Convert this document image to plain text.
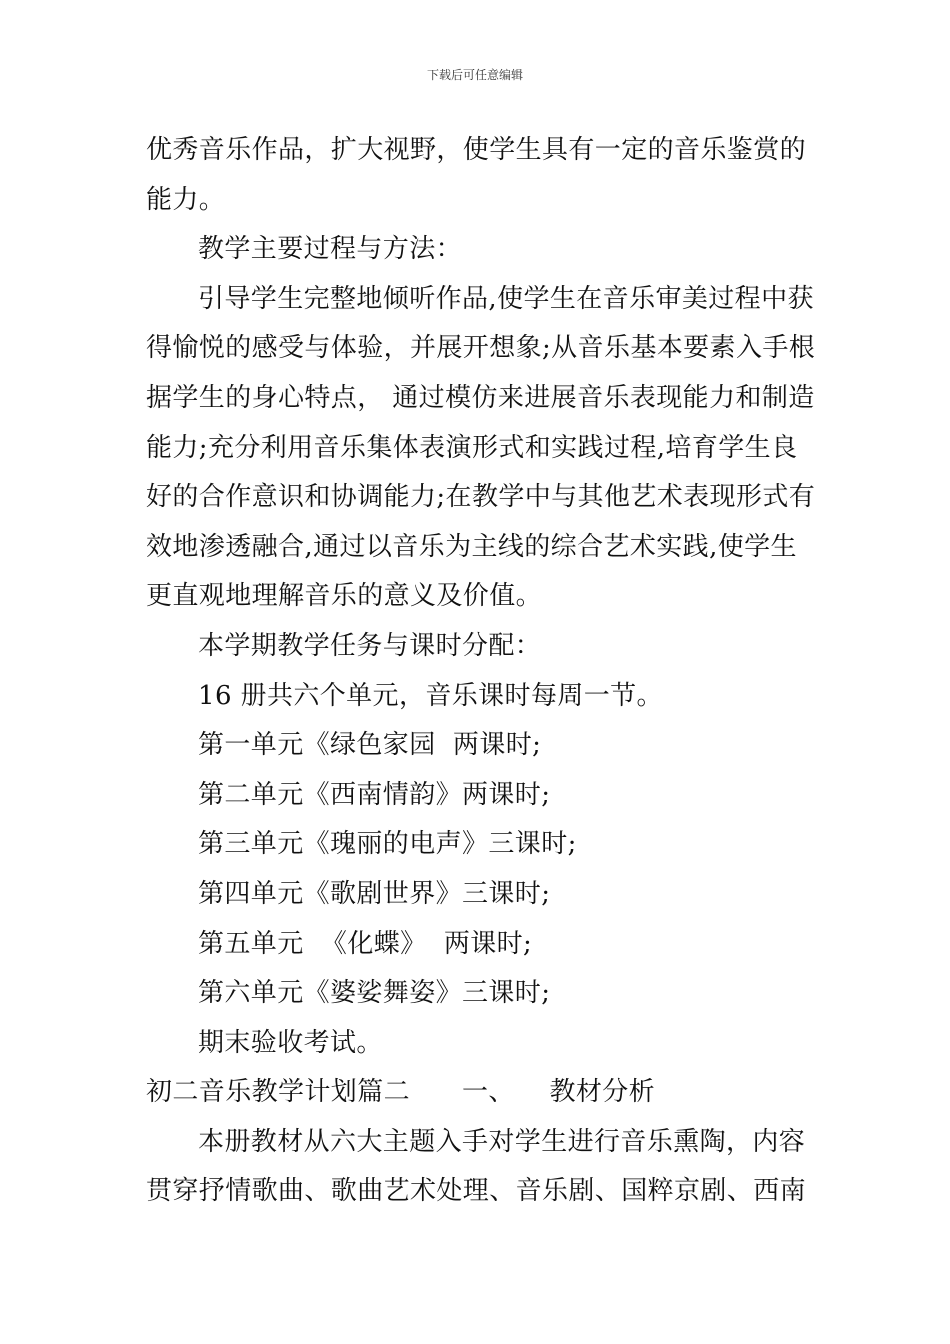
下载后可任意编辑
优秀音乐作品，扩大视野，使学生具有一定的音乐鉴赏的
能力。
教学主要过程与方法：
引导学生完整地倾听作品,使学生在音乐审美过程中获
得愉悦的感受与体验，并展开想象;从音乐基本要素入手根
据学生的身心特点， 通过模仿来进展音乐表现能力和制造
能力;充分利用音乐集体表演形式和实践过程,培育学生良
好的合作意识和协调能力;在教学中与其他艺术表现形式有
效地渗透融合,通过以音乐为主线的综合艺术实践,使学生
更直观地理解音乐的意义及价值。
本学期教学任务与课时分配：
16 册共六个单元，音乐课时每周一节。
第一单元《绿色家园  两课时;
第二单元《西南情韵》两课时;
第三单元《瑰丽的电声》三课时;
第四单元《歌剧世界》三课时;
第五单元  《化蝶》  两课时;
第六单元《婆娑舞姿》三课时;
期末验收考试。
初二音乐教学计划篇二      一、    教材分析
本册教材从六大主题入手对学生进行音乐熏陶，内容
贯穿抒情歌曲、歌曲艺术处理、音乐剧、国粹京剧、西南
